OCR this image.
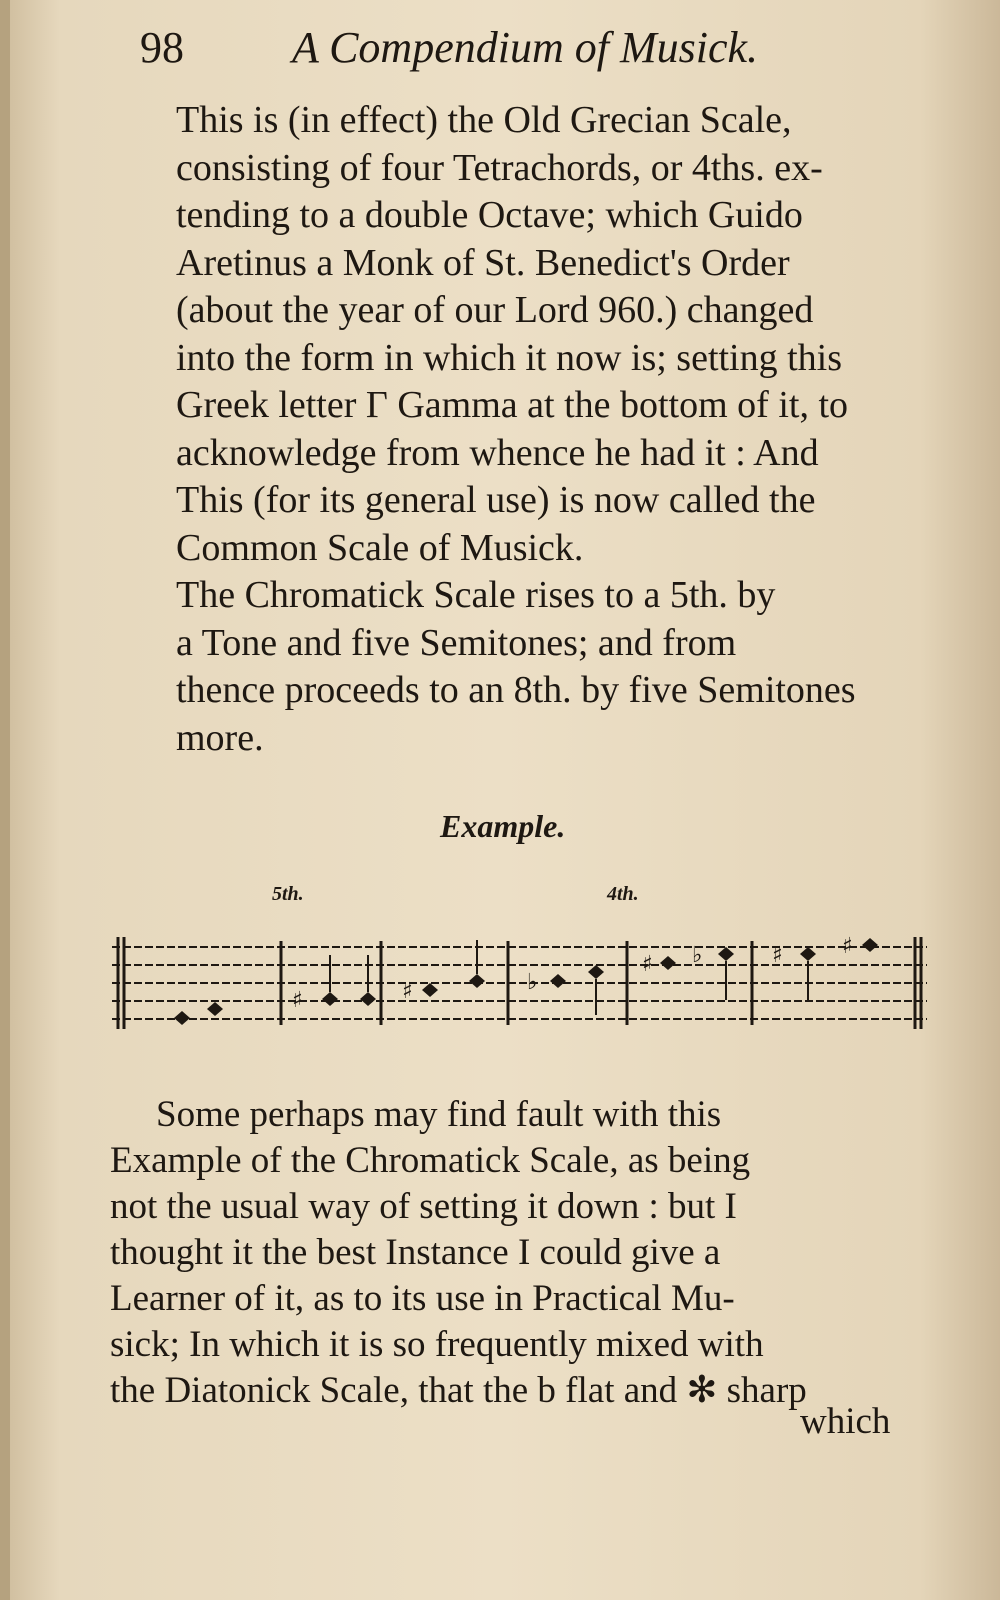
98 A Compendium of Musick.
This is (in effect) the Old Grecian Scale,
consisting of four Tetrachords, or 4ths. ex-
tending to a double Octave; which Guido
Aretinus a Monk of St. Benedict's Order
(about the year of our Lord 960.) changed
into the form in which it now is; setting this
Greek letter Γ Gamma at the bottom of it, to
acknowledge from whence he had it : And
This (for its general use) is now called the
Common Scale of Musick.
The Chromatick Scale rises to a 5th. by
a Tone and five Semitones; and from
thence proceeds to an 8th. by five Semitones
more.
Example.
5th.	4th.
♯	♯	♭
♯ ♭	♯	♯
Some perhaps may find fault with this
Example of the Chromatick Scale, as being
not the usual way of setting it down : but I
thought it the best Instance I could give a
Learner of it, as to its use in Practical Mu-
sick; In which it is so frequently mixed with
the Diatonick Scale, that the b flat and ✻ sharp
which
